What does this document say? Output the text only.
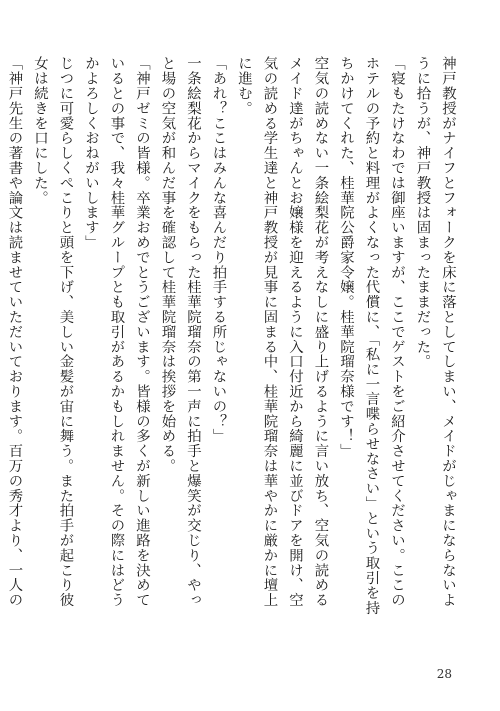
神戸教授がナイフとフォークを床に落としてしまい、メイドがじゃまにならないように拾うが、神戸教授は固まったままだった。

「寝もたけなわでは御座いますが、ここでゲストをご紹介させてください。ここのホテルの予約と料理がよくなった代償に、「私に一言喋らせなさい」という取引を持ちかけてくれた、桂華院公爵家令嬢。桂華院瑠奈様です！」

空気の読めない一条絵梨花が考えなしに盛り上げるように言い放ち、空気の読めるメイド達がちゃんとお嬢様を迎えるように入口付近から綺麗に並びドアを開け、空気の読める学生達と神戸教授が見事に固まる中、桂華院瑠奈は華やかに厳かに壇上に進む。

「あれ？ここはみんな喜んだり拍手する所じゃないの？」

一条絵梨花からマイクをもらった桂華院瑠奈の第一声に拍手と爆笑が交じり、やっと場の空気が和んだ事を確認して桂華院瑠奈は挨拶を始める。

「神戸ゼミの皆様。卒業おめでとうございます。皆様の多くが新しい進路を決めているとの事で、我々桂華グループとも取引があるかもしれません。その際にはどうかよろしくおねがいします」

じつに可愛らしくぺこりと頭を下げ、美しい金髪が宙に舞う。また拍手が起こり彼女は続きを口にした。

「神戸先生の著書や論文は読ませていただいております。百万の秀才より、一人の

28
